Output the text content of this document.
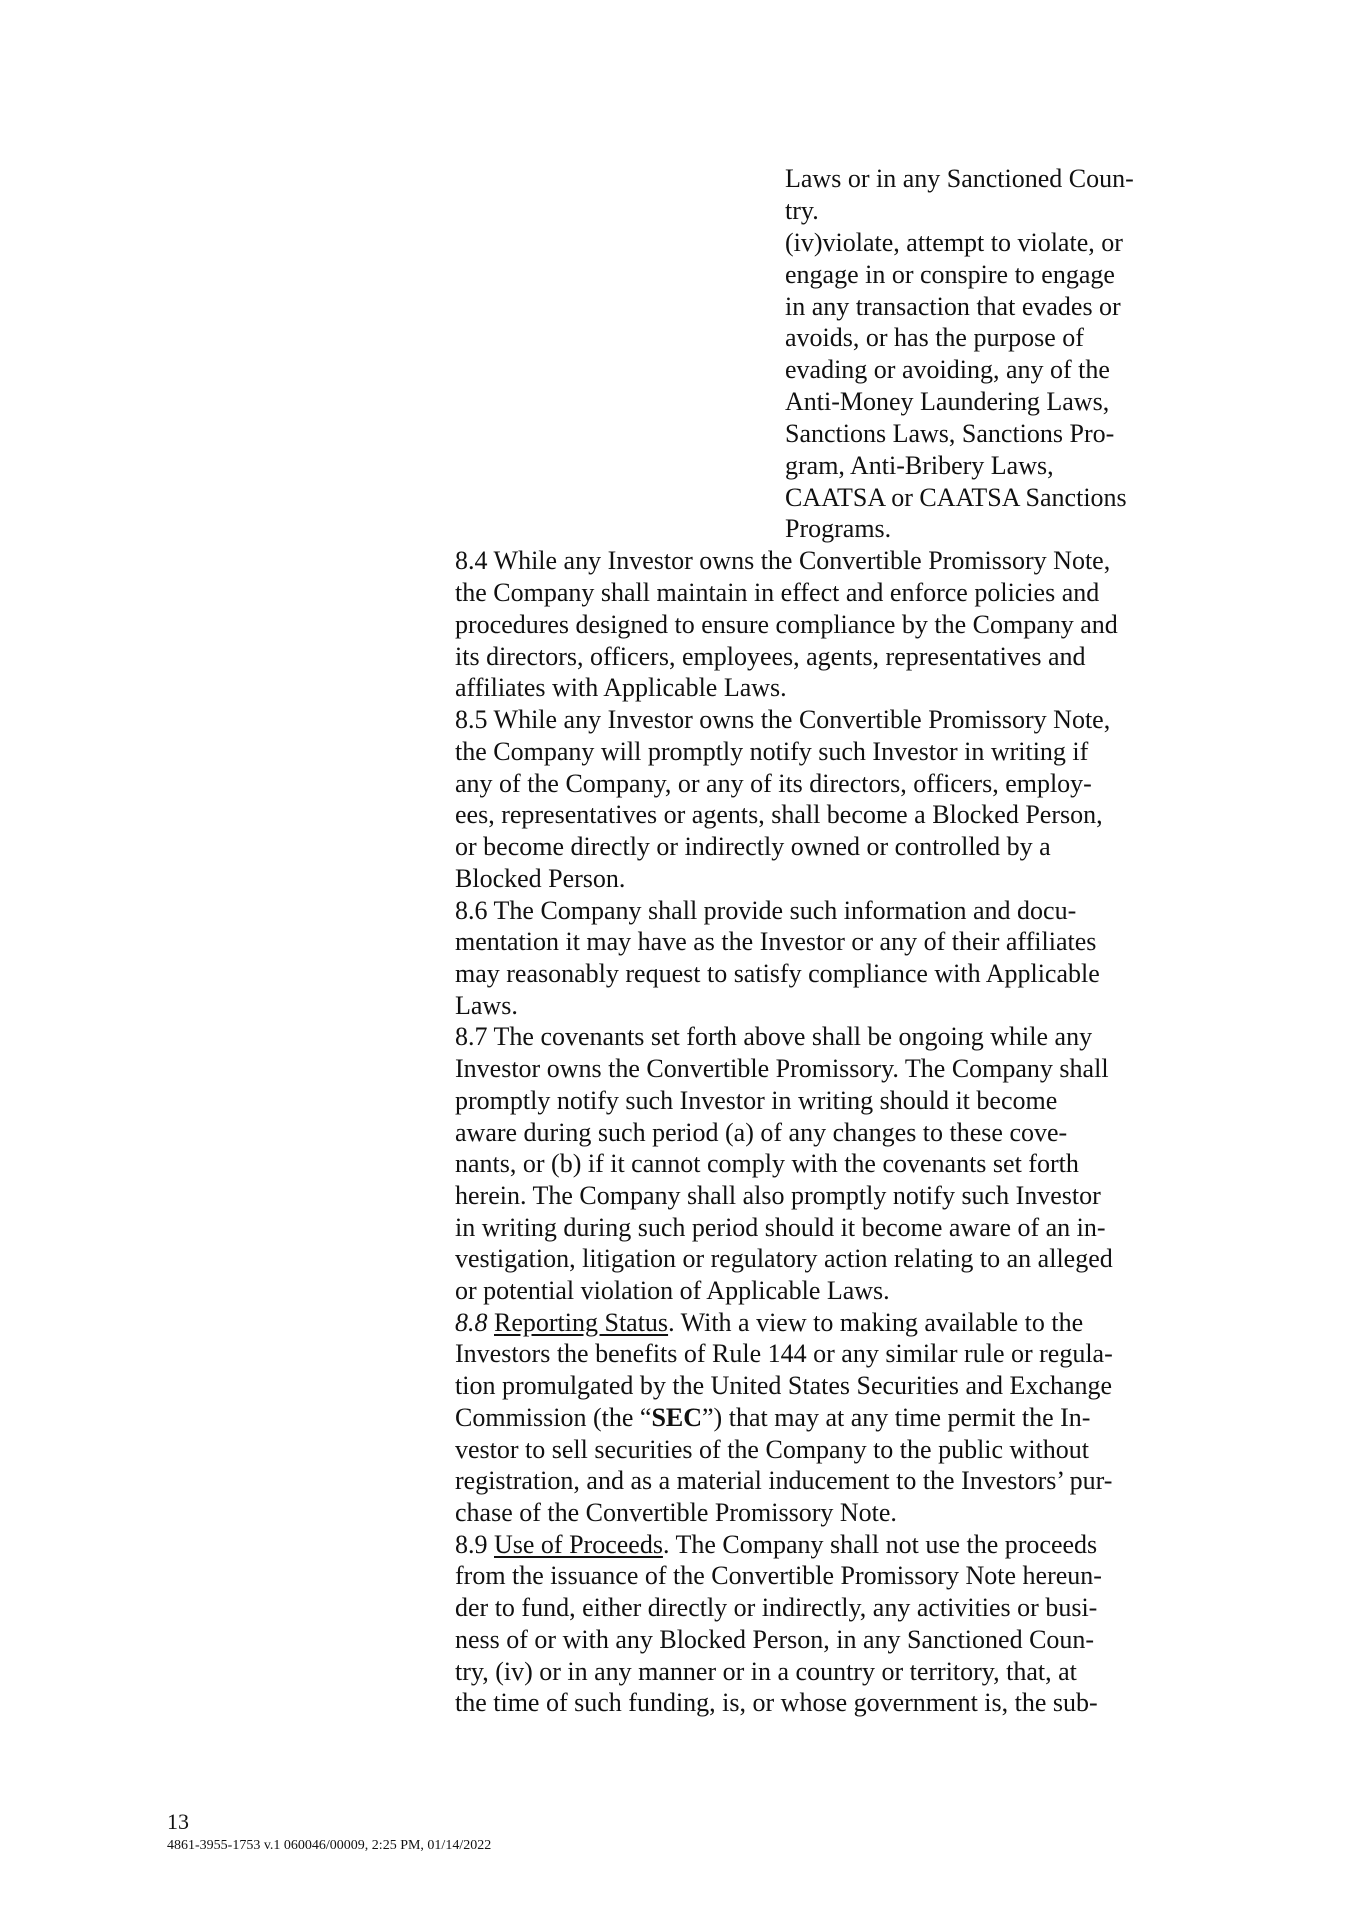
Laws or in any Sanctioned Coun-

try.

(iv)violate, attempt to violate, or

engage in or conspire to engage

in any transaction that evades or

avoids, or has the purpose of

evading or avoiding, any of the

Anti-Money Laundering Laws,

Sanctions Laws, Sanctions Pro-

gram, Anti-Bribery Laws,

CAATSA or CAATSA Sanctions

Programs.

8.4 While any Investor owns the Convertible Promissory Note,

the Company shall maintain in effect and enforce policies and

procedures designed to ensure compliance by the Company and

its directors, officers, employees, agents, representatives and

affiliates with Applicable Laws.

8.5 While any Investor owns the Convertible Promissory Note,

the Company will promptly notify such Investor in writing if

any of the Company, or any of its directors, officers, employ-

ees, representatives or agents, shall become a Blocked Person,

or become directly or indirectly owned or controlled by a

Blocked Person.

8.6 The Company shall provide such information and docu-

mentation it may have as the Investor or any of their affiliates

may reasonably request to satisfy compliance with Applicable

Laws.

8.7 The covenants set forth above shall be ongoing while any

Investor owns the Convertible Promissory. The Company shall

promptly notify such Investor in writing should it become

aware during such period (a) of any changes to these cove-

nants, or (b) if it cannot comply with the covenants set forth

herein. The Company shall also promptly notify such Investor

in writing during such period should it become aware of an in-

vestigation, litigation or regulatory action relating to an alleged

or potential violation of Applicable Laws.

8.8 Reporting Status. With a view to making available to the

Investors the benefits of Rule 144 or any similar rule or regula-

tion promulgated by the United States Securities and Exchange

Commission (the “SEC”) that may at any time permit the In-

vestor to sell securities of the Company to the public without

registration, and as a material inducement to the Investors’ pur-

chase of the Convertible Promissory Note.

8.9 Use of Proceeds. The Company shall not use the proceeds

from the issuance of the Convertible Promissory Note hereun-

der to fund, either directly or indirectly, any activities or busi-

ness of or with any Blocked Person, in any Sanctioned Coun-

try, (iv) or in any manner or in a country or territory, that, at

the time of such funding, is, or whose government is, the sub-

13
4861-3955-1753 v.1 060046/00009, 2:25 PM, 01/14/2022
